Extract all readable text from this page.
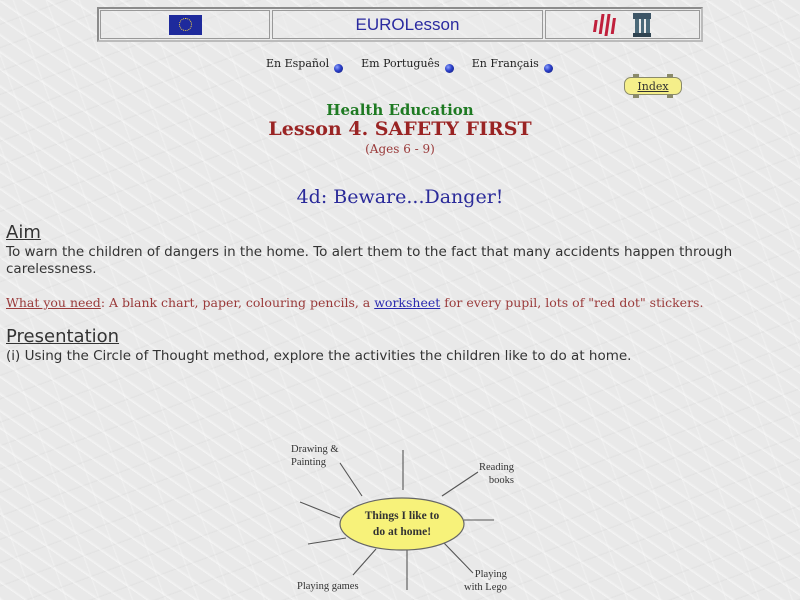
EUROLesson
En Español	Em Português	En Français
Index
Health Education
Lesson 4. SAFETY FIRST
(Ages 6 - 9)
4d: Beware...Danger!
Aim
To warn the children of dangers in the home. To alert them to the fact that many accidents happen through carelessness.
What you need: A blank chart, paper, colouring pencils, a worksheet for every pupil, lots of "red dot" stickers.
Presentation
(i) Using the Circle of Thought method, explore the activities the children like to do at home.
Drawing &
Painting	Reading
books
Playing games
Playing
with Lego
Things I like to
do at home!
